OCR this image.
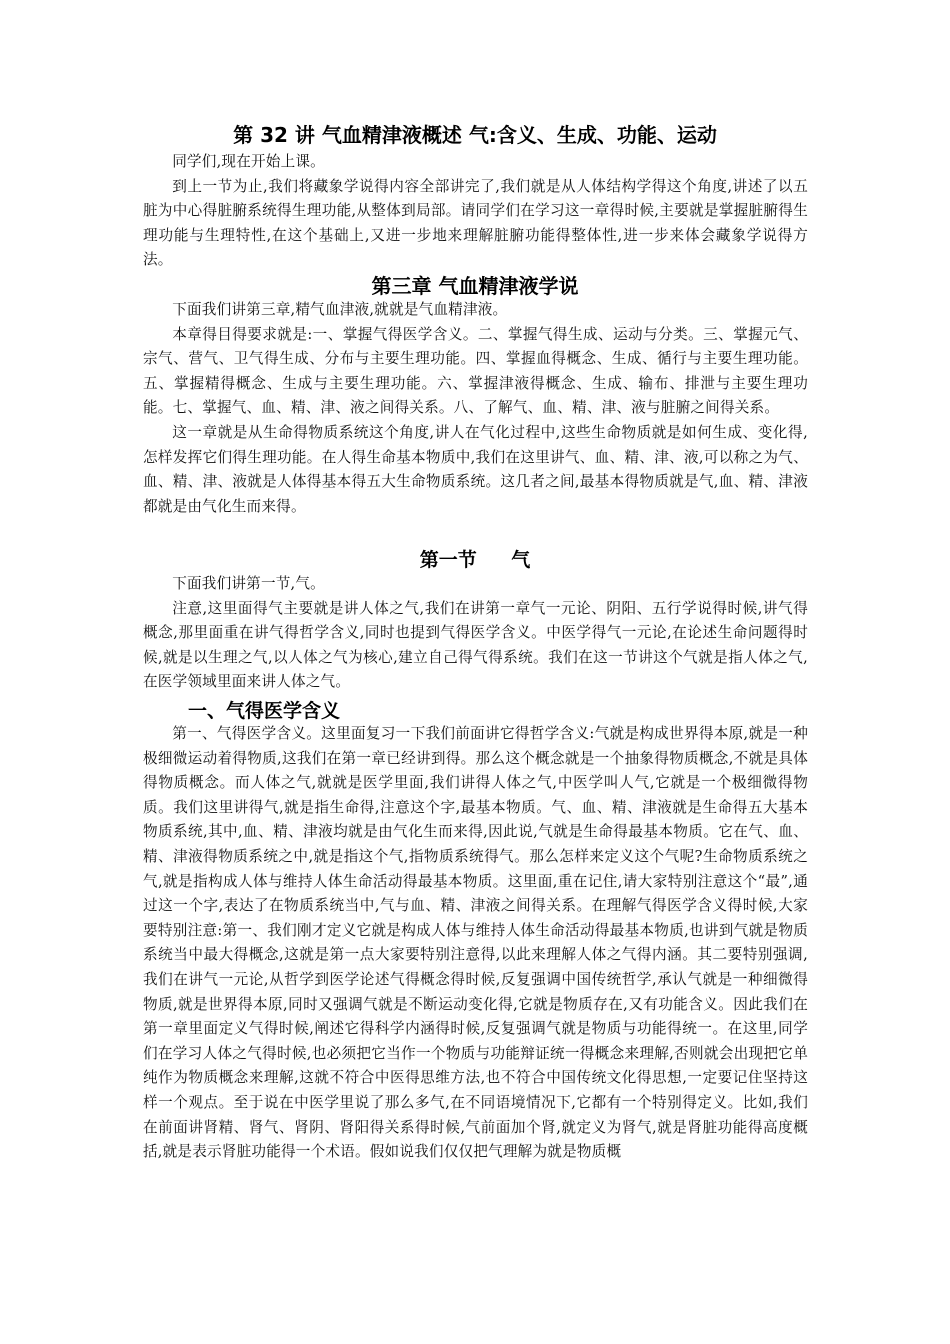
第 32 讲 气血精津液概述 气:含义、生成、功能、运动

同学们,现在开始上课。

到上一节为止,我们将藏象学说得内容全部讲完了,我们就是从人体结构学得这个角度,讲述了以五脏为中心得脏腑系统得生理功能,从整体到局部。请同学们在学习这一章得时候,主要就是掌握脏腑得生理功能与生理特性,在这个基础上,又进一步地来理解脏腑功能得整体性,进一步来体会藏象学说得方法。

第三章 气血精津液学说

下面我们讲第三章,精气血津液,就就是气血精津液。

本章得目得要求就是:一、掌握气得医学含义。二、掌握气得生成、运动与分类。三、掌握元气、宗气、营气、卫气得生成、分布与主要生理功能。四、掌握血得概念、生成、循行与主要生理功能。五、掌握精得概念、生成与主要生理功能。六、掌握津液得概念、生成、输布、排泄与主要生理功能。七、掌握气、血、精、津、液之间得关系。八、了解气、血、精、津、液与脏腑之间得关系。

这一章就是从生命得物质系统这个角度,讲人在气化过程中,这些生命物质就是如何生成、变化得,怎样发挥它们得生理功能。在人得生命基本物质中,我们在这里讲气、血、精、津、液,可以称之为气、血、精、津、液就是人体得基本得五大生命物质系统。这几者之间,最基本得物质就是气,血、精、津液都就是由气化生而来得。

第一节 气

下面我们讲第一节,气。

注意,这里面得气主要就是讲人体之气,我们在讲第一章气一元论、阴阳、五行学说得时候,讲气得概念,那里面重在讲气得哲学含义,同时也提到气得医学含义。中医学得气一元论,在论述生命问题得时候,就是以生理之气,以人体之气为核心,建立自己得气得系统。我们在这一节讲这个气就是指人体之气,在医学领域里面来讲人体之气。

一、气得医学含义

第一、气得医学含义。这里面复习一下我们前面讲它得哲学含义:气就是构成世界得本原,就是一种极细微运动着得物质,这我们在第一章已经讲到得。那么这个概念就是一个抽象得物质概念,不就是具体得物质概念。而人体之气,就就是医学里面,我们讲得人体之气,中医学叫人气,它就是一个极细微得物质。我们这里讲得气,就是指生命得,注意这个字,最基本物质。气、血、精、津液就是生命得五大基本物质系统,其中,血、精、津液均就是由气化生而来得,因此说,气就是生命得最基本物质。它在气、血、精、津液得物质系统之中,就是指这个气,指物质系统得气。那么怎样来定义这个气呢?生命物质系统之气,就是指构成人体与维持人体生命活动得最基本物质。这里面,重在记住,请大家特别注意这个“最”,通过这一个字,表达了在物质系统当中,气与血、精、津液之间得关系。在理解气得医学含义得时候,大家要特别注意:第一、我们刚才定义它就是构成人体与维持人体生命活动得最基本物质,也讲到气就是物质系统当中最大得概念,这就是第一点大家要特别注意得,以此来理解人体之气得内涵。其二要特别强调,我们在讲气一元论,从哲学到医学论述气得概念得时候,反复强调中国传统哲学,承认气就是一种细微得物质,就是世界得本原,同时又强调气就是不断运动变化得,它就是物质存在,又有功能含义。因此我们在第一章里面定义气得时候,阐述它得科学内涵得时候,反复强调气就是物质与功能得统一。在这里,同学们在学习人体之气得时候,也必须把它当作一个物质与功能辩证统一得概念来理解,否则就会出现把它单纯作为物质概念来理解,这就不符合中医得思维方法,也不符合中国传统文化得思想,一定要记住坚持这样一个观点。至于说在中医学里说了那么多气,在不同语境情况下,它都有一个特别得定义。比如,我们在前面讲肾精、肾气、肾阴、肾阳得关系得时候,气前面加个肾,就定义为肾气,就是肾脏功能得高度概括,就是表示肾脏功能得一个术语。假如说我们仅仅把气理解为就是物质概
